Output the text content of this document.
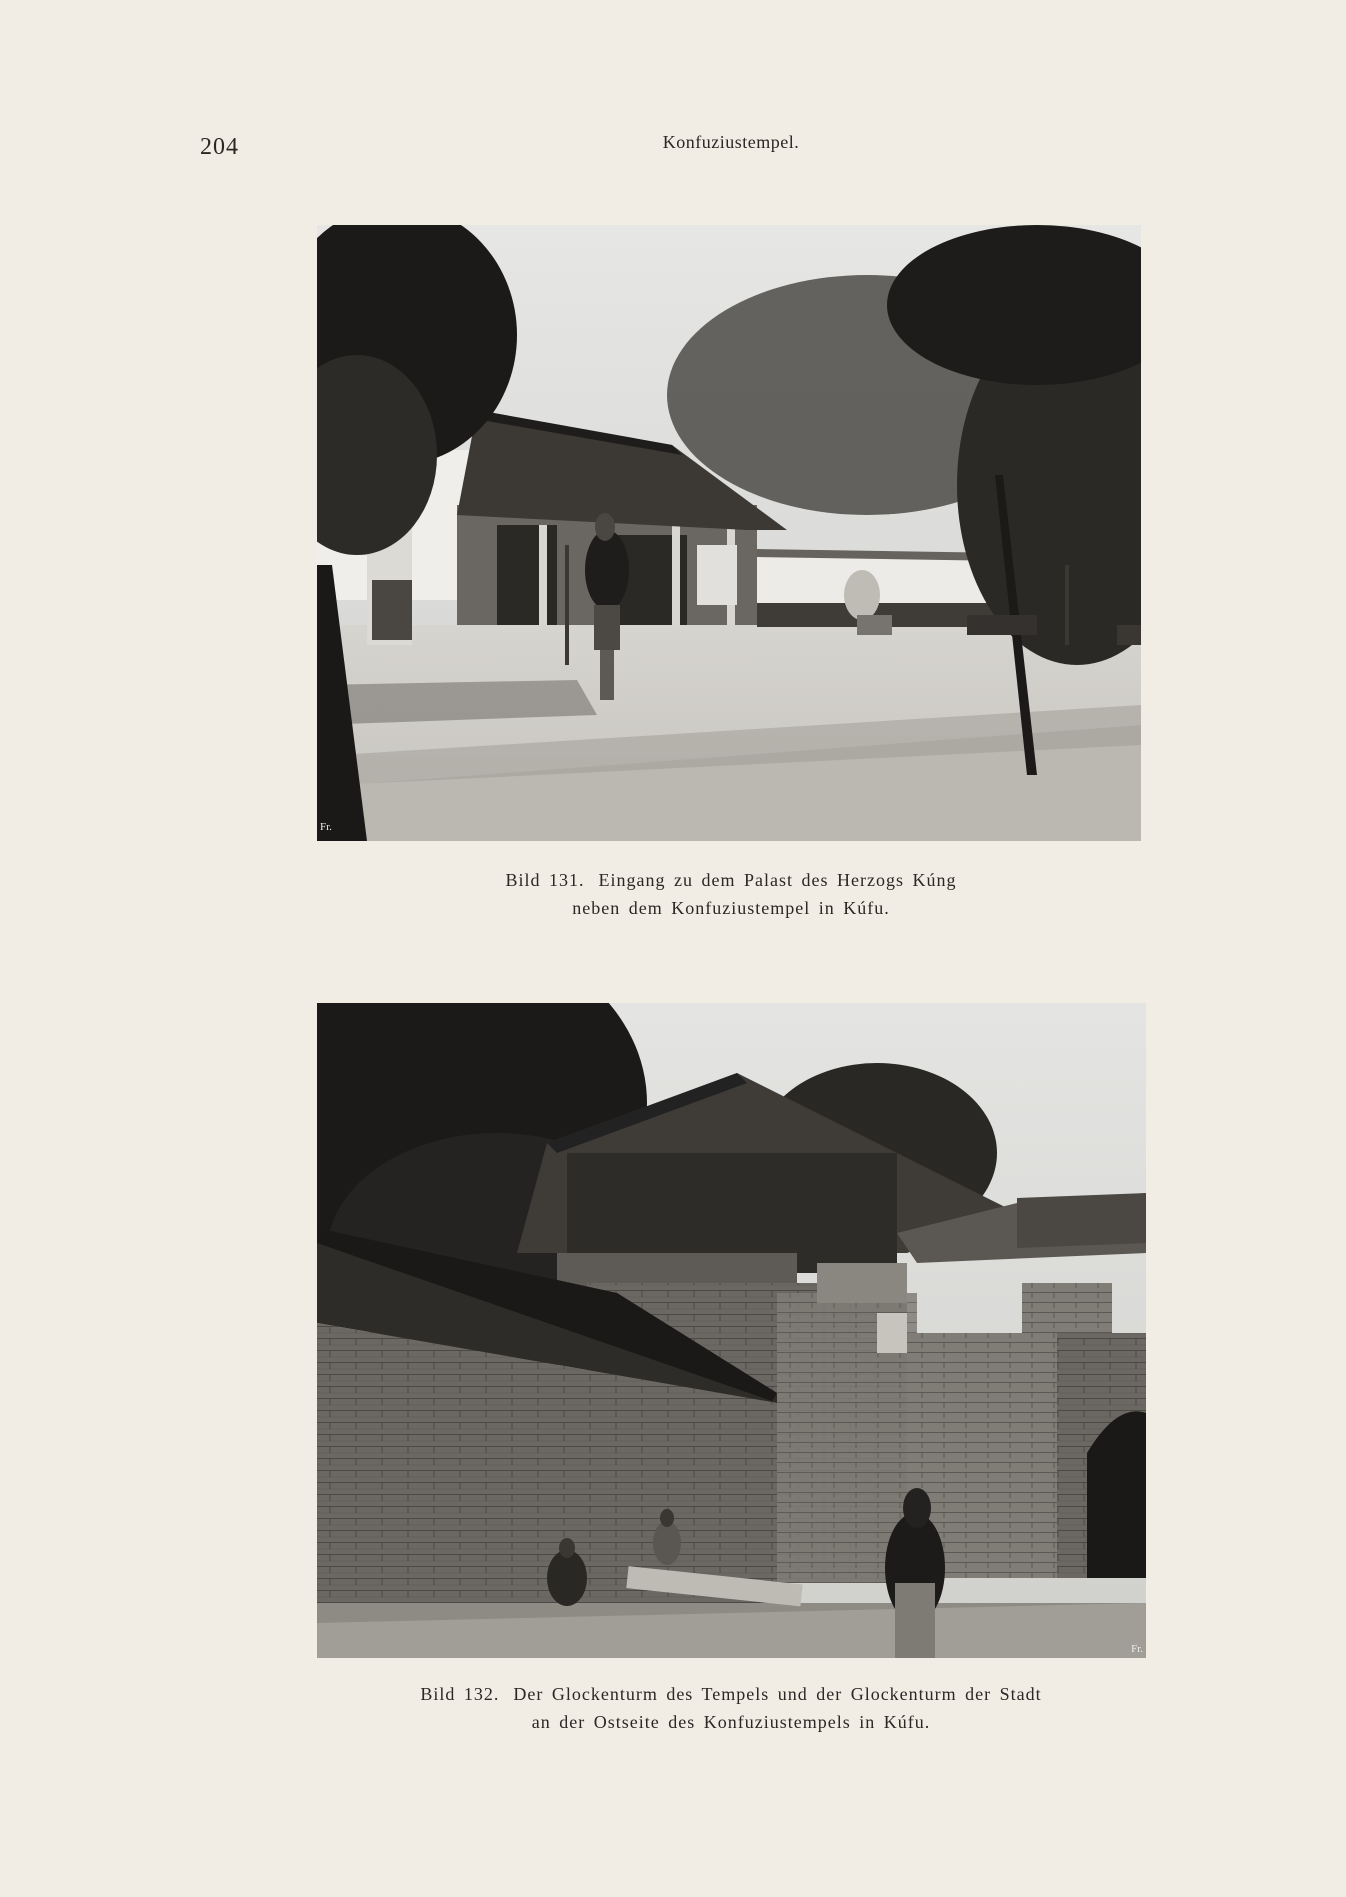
204	Konfuziustempel.
Fr.
Bild 131. Eingang zu dem Palast des Herzogs Kúng
neben dem Konfuziustempel in Kúfu.
Fr.
Bild 132. Der Glockenturm des Tempels und der Glockenturm der Stadt
an der Ostseite des Konfuziustempels in Kúfu.
